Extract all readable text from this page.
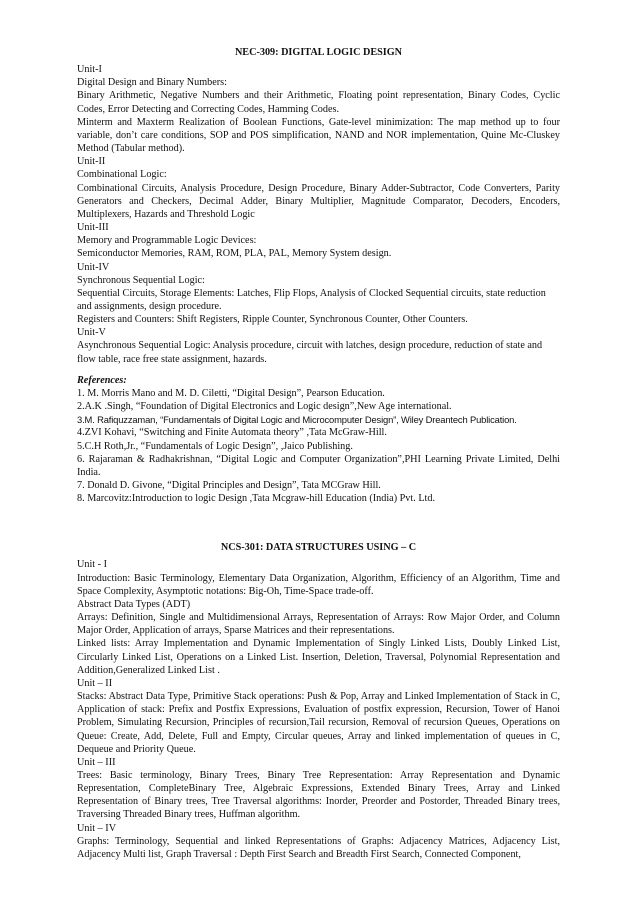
NEC-309: DIGITAL LOGIC DESIGN

Unit-I

Digital Design and Binary Numbers:

Binary Arithmetic, Negative Numbers and their Arithmetic, Floating point representation, Binary Codes, Cyclic Codes, Error Detecting and Correcting Codes, Hamming Codes.

Minterm and Maxterm Realization of Boolean Functions, Gate-level minimization: The map method up to four variable, don’t care conditions, SOP and POS simplification, NAND and NOR implementation, Quine Mc-Cluskey Method (Tabular method).

Unit-II

Combinational Logic:

Combinational Circuits, Analysis Procedure, Design Procedure, Binary Adder-Subtractor, Code Converters, Parity Generators and Checkers, Decimal Adder, Binary Multiplier, Magnitude Comparator, Decoders, Encoders, Multiplexers, Hazards and Threshold Logic

Unit-III

Memory and Programmable Logic Devices:

Semiconductor Memories, RAM, ROM, PLA, PAL, Memory System design.

Unit-IV

Synchronous Sequential Logic:

Sequential Circuits, Storage Elements: Latches, Flip Flops, Analysis of Clocked Sequential circuits, state reduction and assignments, design procedure.

Registers and Counters: Shift Registers, Ripple Counter, Synchronous Counter, Other Counters.

Unit-V

Asynchronous Sequential Logic: Analysis procedure, circuit with latches, design procedure, reduction of state and flow table, race free state assignment, hazards.

References:

1. M. Morris Mano and M. D. Ciletti, “Digital Design”, Pearson Education.

2.A.K .Singh, “Foundation of Digital Electronics and Logic design”,New Age international.

3.M. Rafiquzzaman, “Fundamentals of Digital Logic and Microcomputer Design”, Wiley Dreantech Publication.

4.ZVI Kohavi, “Switching and Finite Automata theory” ,Tata McGraw-Hill.

5.C.H Roth,Jr., “Fundamentals of Logic Design”, ,Jaico Publishing.

6. Rajaraman & Radhakrishnan, “Digital Logic and Computer Organization”,PHI Learning Private Limited, Delhi India.

7. Donald D. Givone, “Digital Principles and Design”, Tata MCGraw Hill.

8. Marcovitz:Introduction to logic Design ,Tata Mcgraw-hill Education (India) Pvt. Ltd.

NCS-301: DATA STRUCTURES USING – C

Unit - I

Introduction: Basic Terminology, Elementary Data Organization, Algorithm, Efficiency of an Algorithm, Time and Space Complexity, Asymptotic notations: Big-Oh, Time-Space trade-off.

Abstract Data Types (ADT)

Arrays: Definition, Single and Multidimensional Arrays, Representation of Arrays: Row Major Order, and Column Major Order, Application of arrays, Sparse Matrices and their representations.

Linked lists: Array Implementation and Dynamic Implementation of Singly Linked Lists, Doubly Linked List, Circularly Linked List, Operations on a Linked List. Insertion, Deletion, Traversal, Polynomial Representation and Addition,Generalized Linked List .

Unit – II

Stacks: Abstract Data Type, Primitive Stack operations: Push & Pop, Array and Linked Implementation of Stack in C, Application of stack: Prefix and Postfix Expressions, Evaluation of postfix expression, Recursion, Tower of Hanoi Problem, Simulating Recursion, Principles of recursion,Tail recursion, Removal of recursion Queues, Operations on Queue: Create, Add, Delete, Full and Empty, Circular queues, Array and linked implementation of queues in C, Dequeue and Priority Queue.

Unit – III

Trees: Basic terminology, Binary Trees, Binary Tree Representation: Array Representation and Dynamic Representation, CompleteBinary Tree, Algebraic Expressions, Extended Binary Trees, Array and Linked Representation of Binary trees, Tree Traversal algorithms: Inorder, Preorder and Postorder, Threaded Binary trees, Traversing Threaded Binary trees, Huffman algorithm.

Unit – IV

Graphs: Terminology, Sequential and linked Representations of Graphs: Adjacency Matrices, Adjacency List, Adjacency Multi list, Graph Traversal : Depth First Search and Breadth First Search, Connected Component,
